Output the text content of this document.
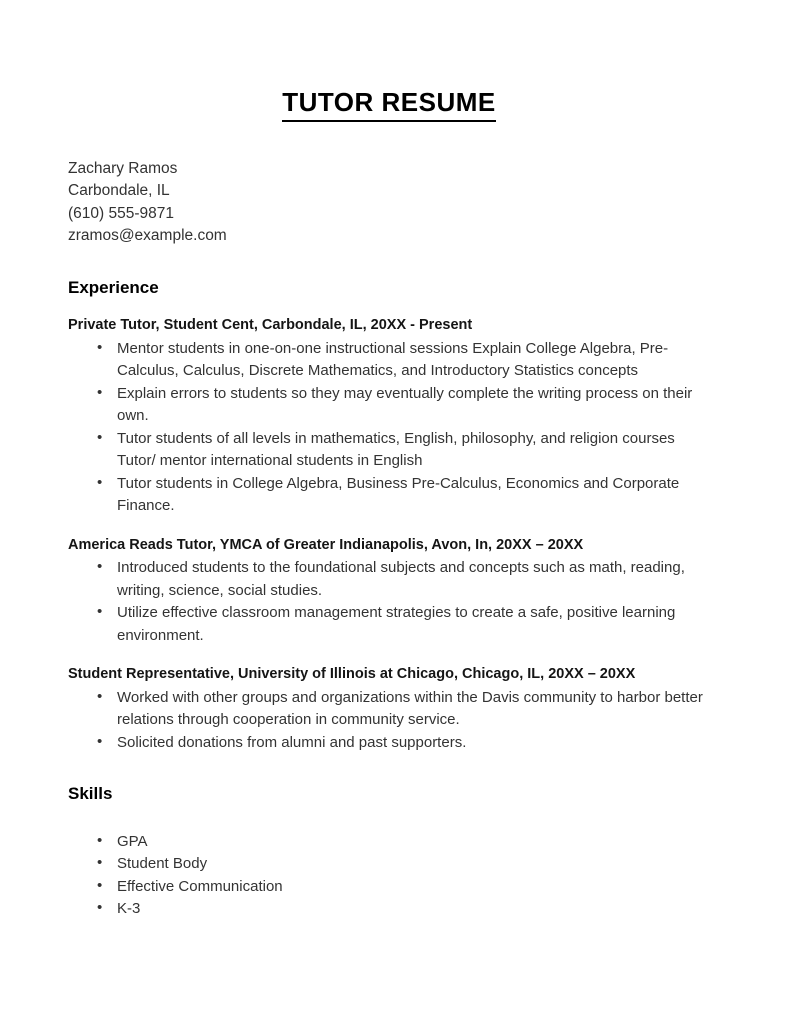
TUTOR RESUME
Zachary Ramos
Carbondale, IL
(610) 555-9871
zramos@example.com
Experience
Private Tutor, Student Cent, Carbondale, IL, 20XX - Present
• Mentor students in one-on-one instructional sessions Explain College Algebra, Pre-Calculus, Calculus, Discrete Mathematics, and Introductory Statistics concepts
• Explain errors to students so they may eventually complete the writing process on their own.
• Tutor students of all levels in mathematics, English, philosophy, and religion courses Tutor/ mentor international students in English
• Tutor students in College Algebra, Business Pre-Calculus, Economics and Corporate Finance.
America Reads Tutor, YMCA of Greater Indianapolis, Avon, In, 20XX – 20XX
• Introduced students to the foundational subjects and concepts such as math, reading, writing, science, social studies.
• Utilize effective classroom management strategies to create a safe, positive learning environment.
Student Representative, University of Illinois at Chicago, Chicago, IL, 20XX – 20XX
• Worked with other groups and organizations within the Davis community to harbor better relations through cooperation in community service.
• Solicited donations from alumni and past supporters.
Skills
• GPA
• Student Body
• Effective Communication
• K-3
